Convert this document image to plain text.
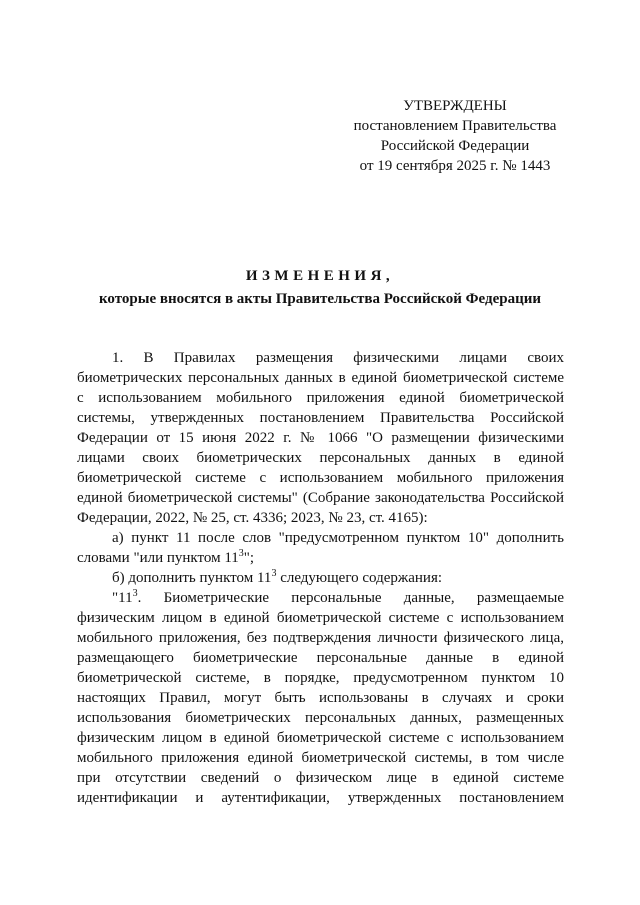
УТВЕРЖДЕНЫ
постановлением Правительства
Российской Федерации
от 19 сентября 2025 г. № 1443
ИЗМЕНЕНИЯ,
которые вносятся в акты Правительства Российской Федерации
1. В Правилах размещения физическими лицами своих
биометрических персональных данных в единой биометрической системе
с использованием мобильного приложения единой биометрической
системы, утвержденных постановлением Правительства Российской
Федерации от 15 июня 2022 г. № 1066 "О размещении физическими
лицами своих биометрических персональных данных в единой
биометрической системе с использованием мобильного приложения
единой биометрической системы" (Собрание законодательства Российской
Федерации, 2022, № 25, ст. 4336; 2023, № 23, ст. 4165):
а) пункт 11 после слов "предусмотренном пунктом 10" дополнить
словами "или пунктом $11^3$";
б) дополнить пунктом $11^3$ следующего содержания:
"$11^3$. Биометрические персональные данные, размещаемые
физическим лицом в единой биометрической системе с использованием
мобильного приложения, без подтверждения личности физического лица,
размещающего биометрические персональные данные в единой
биометрической системе, в порядке, предусмотренном пунктом 10
настоящих Правил, могут быть использованы в случаях и сроки
использования биометрических персональных данных, размещенных
физическим лицом в единой биометрической системе с использованием
мобильного приложения единой биометрической системы, в том числе
при отсутствии сведений о физическом лице в единой системе
идентификации и аутентификации, утвержденных постановлением
